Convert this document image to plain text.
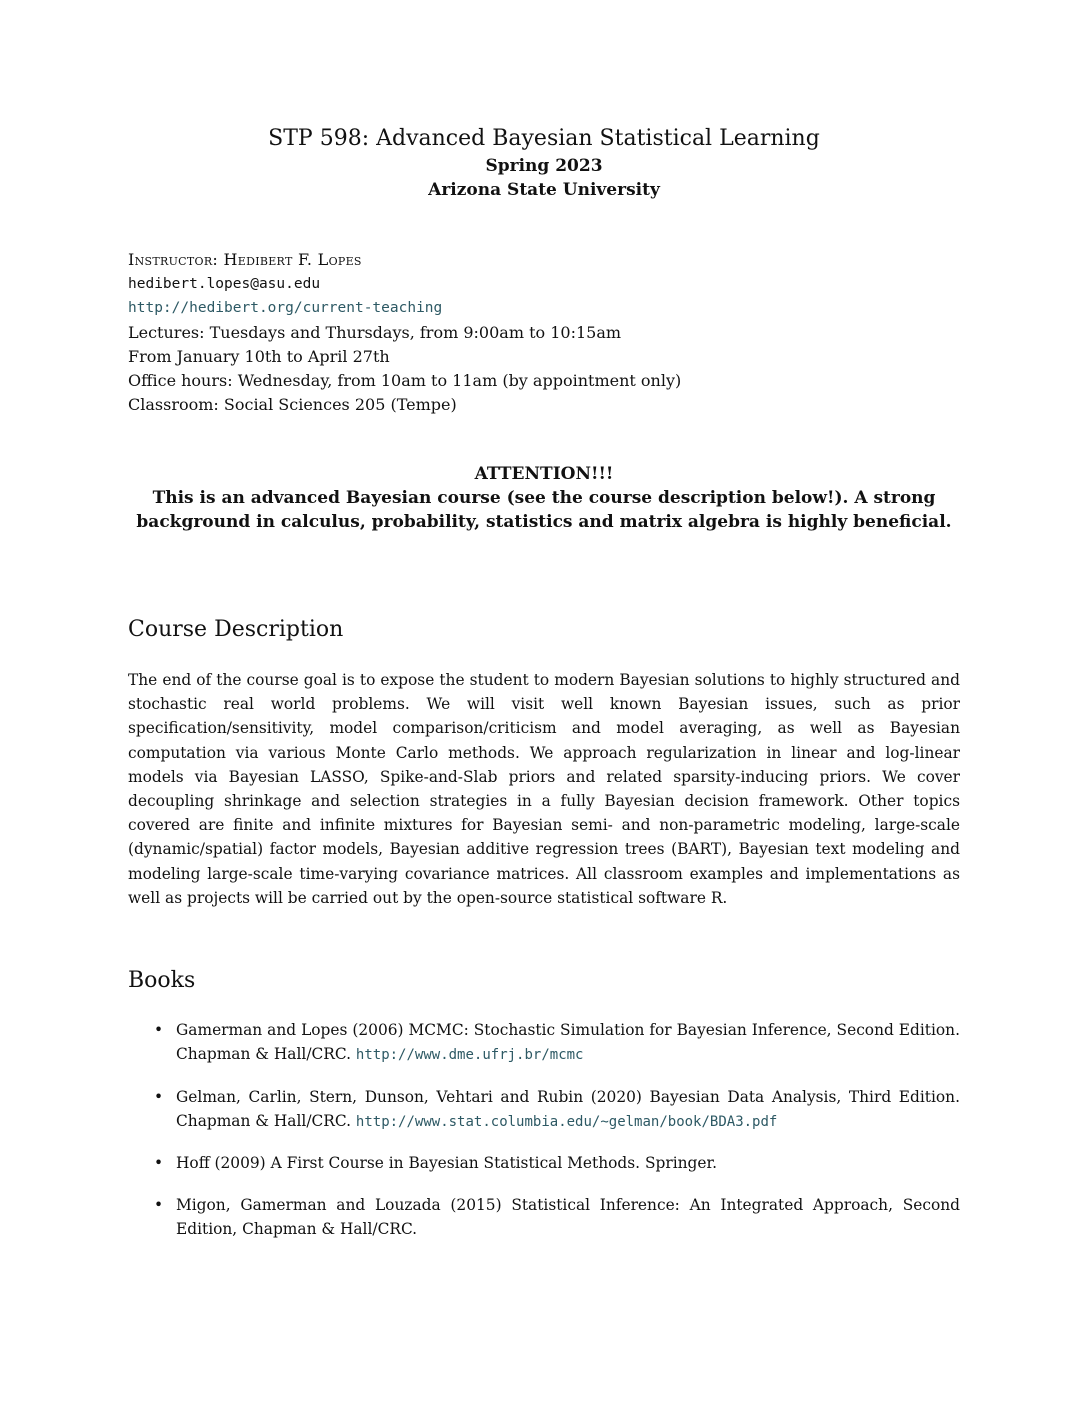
STP 598: Advanced Bayesian Statistical Learning
Spring 2023
Arizona State University
Instructor: Hedibert F. Lopes
hedibert.lopes@asu.edu
http://hedibert.org/current-teaching
Lectures: Tuesdays and Thursdays, from 9:00am to 10:15am
From January 10th to April 27th
Office hours: Wednesday, from 10am to 11am (by appointment only)
Classroom: Social Sciences 205 (Tempe)
ATTENTION!!!
This is an advanced Bayesian course (see the course description below!). A strong background in calculus, probability, statistics and matrix algebra is highly beneficial.
Course Description
The end of the course goal is to expose the student to modern Bayesian solutions to highly structured and stochastic real world problems. We will visit well known Bayesian issues, such as prior specification/sensitivity, model comparison/criticism and model averaging, as well as Bayesian computation via various Monte Carlo methods. We approach regularization in linear and log-linear models via Bayesian LASSO, Spike-and-Slab priors and related sparsity-inducing priors. We cover decoupling shrinkage and selection strategies in a fully Bayesian decision framework. Other topics covered are finite and infinite mixtures for Bayesian semi- and non-parametric modeling, large-scale (dynamic/spatial) factor models, Bayesian additive regression trees (BART), Bayesian text modeling and modeling large-scale time-varying covariance matrices. All classroom examples and implementations as well as projects will be carried out by the open-source statistical software R.
Books
• Gamerman and Lopes (2006) MCMC: Stochastic Simulation for Bayesian Inference, Second Edition. Chapman & Hall/CRC. http://www.dme.ufrj.br/mcmc
• Gelman, Carlin, Stern, Dunson, Vehtari and Rubin (2020) Bayesian Data Analysis, Third Edition. Chapman & Hall/CRC. http://www.stat.columbia.edu/~gelman/book/BDA3.pdf
• Hoff (2009) A First Course in Bayesian Statistical Methods. Springer.
• Migon, Gamerman and Louzada (2015) Statistical Inference: An Integrated Approach, Second Edition, Chapman & Hall/CRC.
